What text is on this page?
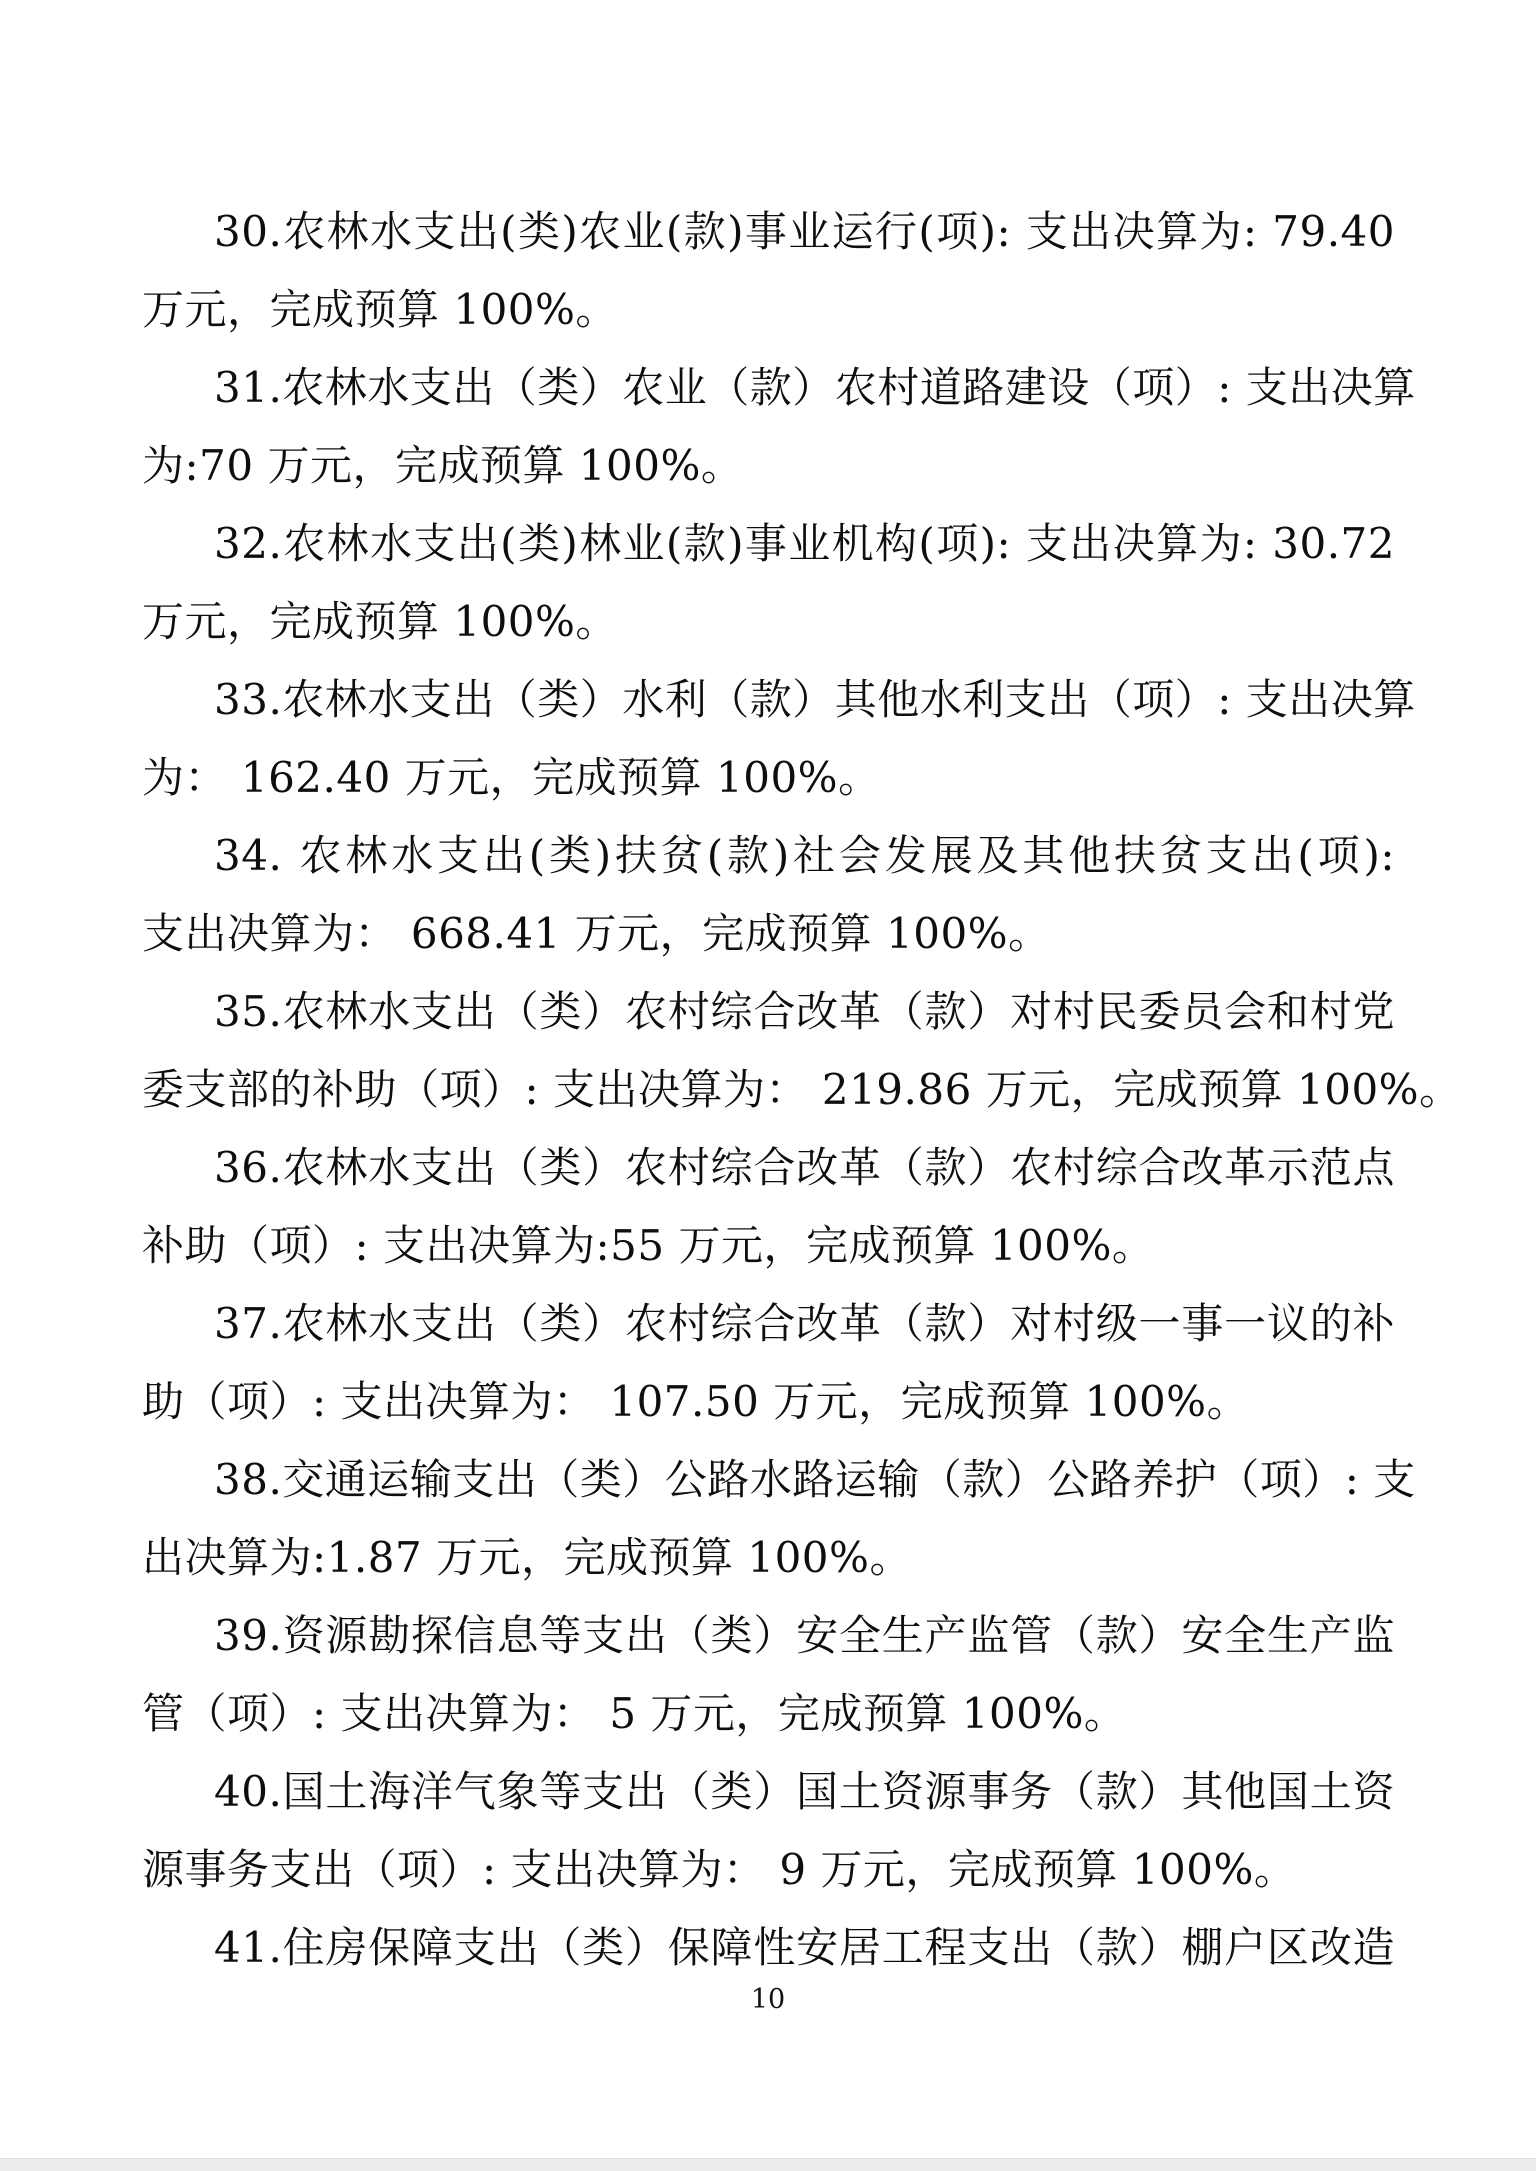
30.农林水支出(类)农业(款)事业运行(项): 支出决算为: 79.40
万元，完成预算 100%。
31.农林水支出（类）农业（款）农村道路建设（项）: 支出决算
为:70 万元，完成预算 100%。
32.农林水支出(类)林业(款)事业机构(项): 支出决算为: 30.72
万元，完成预算 100%。
33.农林水支出（类）水利（款）其他水利支出（项）: 支出决算
为： 162.40 万元，完成预算 100%。
34. 农林水支出(类)扶贫(款)社会发展及其他扶贫支出(项):
支出决算为： 668.41 万元，完成预算 100%。
35.农林水支出（类）农村综合改革（款）对村民委员会和村党
委支部的补助（项）: 支出决算为： 219.86 万元，完成预算 100%。
36.农林水支出（类）农村综合改革（款）农村综合改革示范点
补助（项）: 支出决算为:55 万元，完成预算 100%。
37.农林水支出（类）农村综合改革（款）对村级一事一议的补
助（项）: 支出决算为： 107.50 万元，完成预算 100%。
38.交通运输支出（类）公路水路运输（款）公路养护（项）: 支
出决算为:1.87 万元，完成预算 100%。
39.资源勘探信息等支出（类）安全生产监管（款）安全生产监
管（项）: 支出决算为： 5 万元，完成预算 100%。
40.国土海洋气象等支出（类）国土资源事务（款）其他国土资
源事务支出（项）: 支出决算为： 9 万元，完成预算 100%。
41.住房保障支出（类）保障性安居工程支出（款）棚户区改造
10
